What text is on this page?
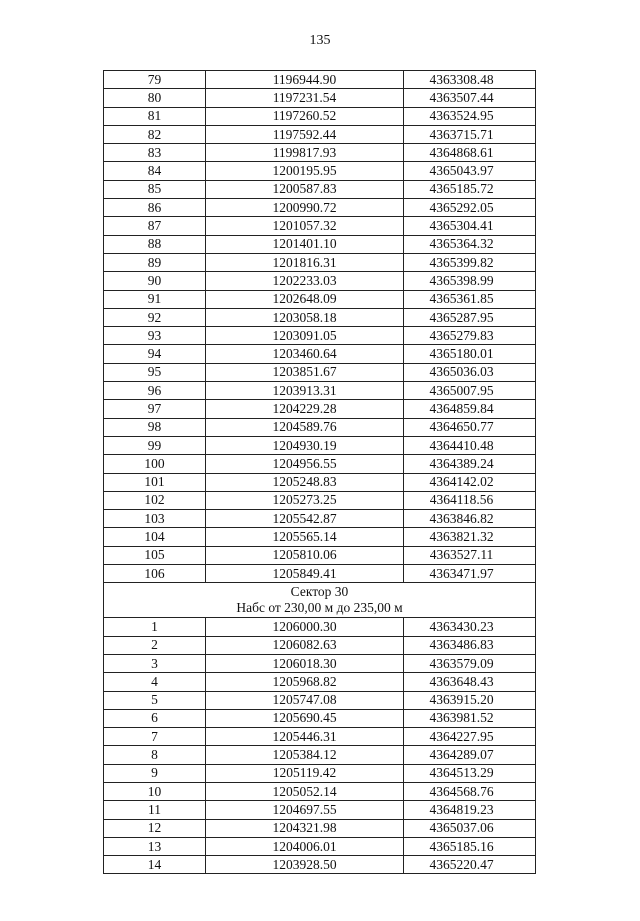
135
79	1196944.90	4363308.48
80	1197231.54	4363507.44
81	1197260.52	4363524.95
82	1197592.44	4363715.71
83	1199817.93	4364868.61
84	1200195.95	4365043.97
85	1200587.83	4365185.72
86	1200990.72	4365292.05
87	1201057.32	4365304.41
88	1201401.10	4365364.32
89	1201816.31	4365399.82
90	1202233.03	4365398.99
91	1202648.09	4365361.85
92	1203058.18	4365287.95
93	1203091.05	4365279.83
94	1203460.64	4365180.01
95	1203851.67	4365036.03
96	1203913.31	4365007.95
97	1204229.28	4364859.84
98	1204589.76	4364650.77
99	1204930.19	4364410.48
100	1204956.55	4364389.24
101	1205248.83	4364142.02
102	1205273.25	4364118.56
103	1205542.87	4363846.82
104	1205565.14	4363821.32
105	1205810.06	4363527.11
106	1205849.41	4363471.97

Сектор 30
Набс от 230,00 м до 235,00 м		

1	1206000.30	4363430.23
2	1206082.63	4363486.83
3	1206018.30	4363579.09
4	1205968.82	4363648.43
5	1205747.08	4363915.20
6	1205690.45	4363981.52
7	1205446.31	4364227.95
8	1205384.12	4364289.07
9	1205119.42	4364513.29
10	1205052.14	4364568.76
11	1204697.55	4364819.23
12	1204321.98	4365037.06
13	1204006.01	4365185.16
14	1203928.50	4365220.47
